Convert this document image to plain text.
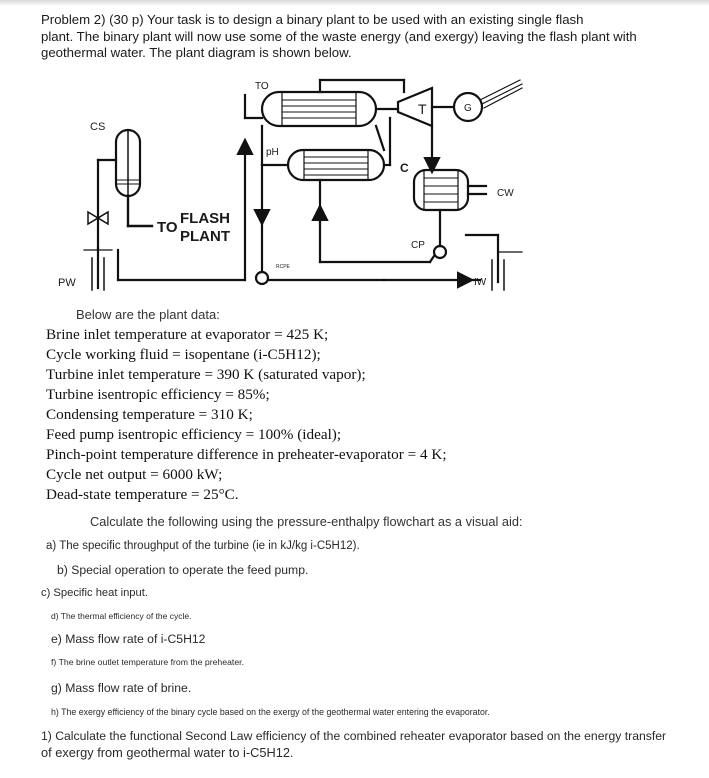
Problem 2) (30 p) Your task is to design a binary plant to be used with an existing single flash
plant. The binary plant will now use some of the waste energy (and exergy) leaving the flash plant with
geothermal water. The plant diagram is shown below.
TO
T	G
CS
pH
C
CW
TO
FLASH
PLANT
CP
RCPE
PW	IW
Below are the plant data:
Brine inlet temperature at evaporator = 425 K;
Cycle working fluid = isopentane (i-C5H12);
Turbine inlet temperature = 390 K (saturated vapor);
Turbine isentropic efficiency = 85%;
Condensing temperature = 310 K;
Feed pump isentropic efficiency = 100% (ideal);
Pinch-point temperature difference in preheater-evaporator = 4 K;
Cycle net output = 6000 kW;
Dead-state temperature = 25°C.
Calculate the following using the pressure-enthalpy flowchart as a visual aid:
a) The specific throughput of the turbine (ie in kJ/kg i-C5H12).
b) Special operation to operate the feed pump.
c) Specific heat input.
d) The thermal efficiency of the cycle.
e) Mass flow rate of i-C5H12
f) The brine outlet temperature from the preheater.
g) Mass flow rate of brine.
h) The exergy efficiency of the binary cycle based on the exergy of the geothermal water entering the evaporator.
1) Calculate the functional Second Law efficiency of the combined reheater evaporator based on the energy transfer
of exergy from geothermal water to i-C5H12.
